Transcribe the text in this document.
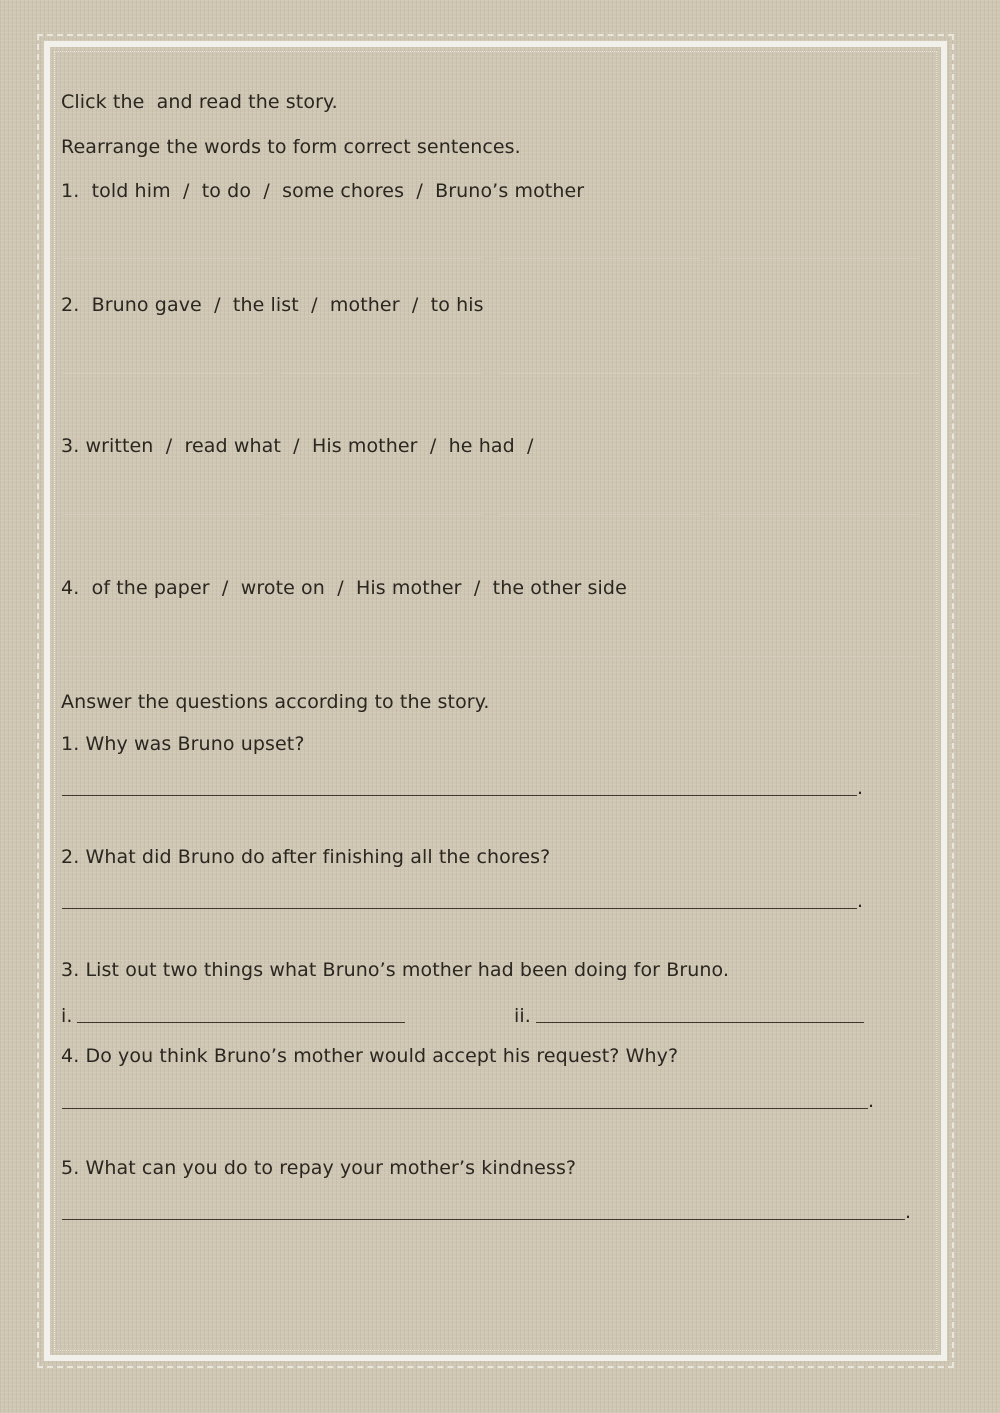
Click the  and read the story.
Rearrange the words to form correct sentences.
1.  told him  /  to do  /  some chores  /  Bruno’s mother
2.  Bruno gave  /  the list  /  mother  /  to his
3. written  /  read what  /  His mother  /  he had  /
4.  of the paper  /  wrote on  /  His mother  /  the other side
Answer the questions according to the story.
1. Why was Bruno upset?
.
2. What did Bruno do after finishing all the chores?
.
3. List out two things what Bruno’s mother had been doing for Bruno.
i.	ii.
4. Do you think Bruno’s mother would accept his request? Why?
.
5. What can you do to repay your mother’s kindness?
.
